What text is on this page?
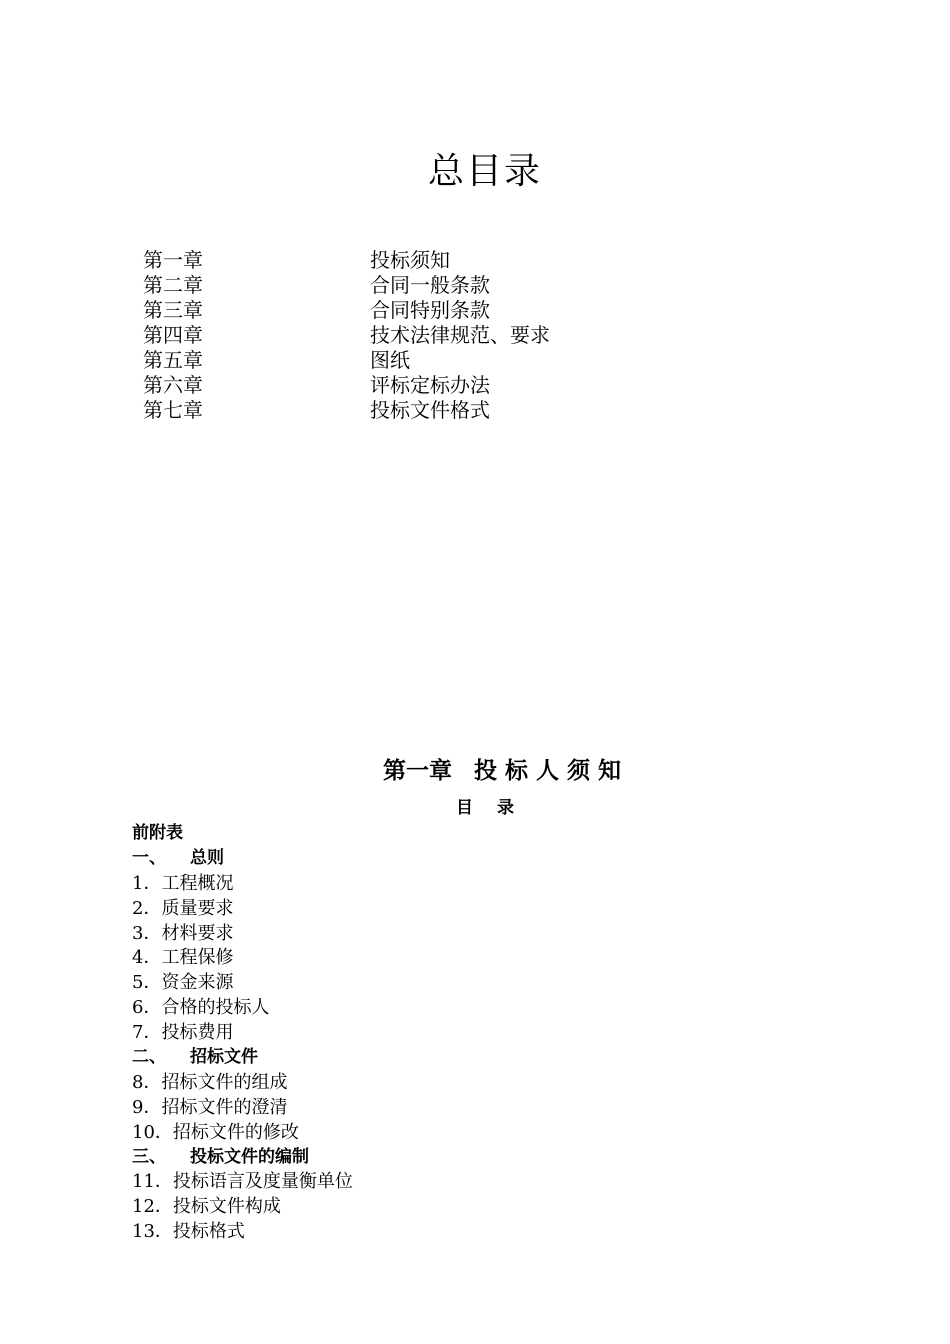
总目录
第一章	投标须知
第二章	合同一般条款
第三章	合同特别条款
第四章	技术法律规范、要求
第五章	图纸
第六章	评标定标办法
第七章	投标文件格式
第一章 投标人须知
目录
前附表
一、 总则
1．工程概况
2．质量要求
3．材料要求
4．工程保修
5．资金来源
6．合格的投标人
7．投标费用
二、 招标文件
8．招标文件的组成
9．招标文件的澄清
10．招标文件的修改
三、 投标文件的编制
11．投标语言及度量衡单位
12．投标文件构成
13．投标格式
